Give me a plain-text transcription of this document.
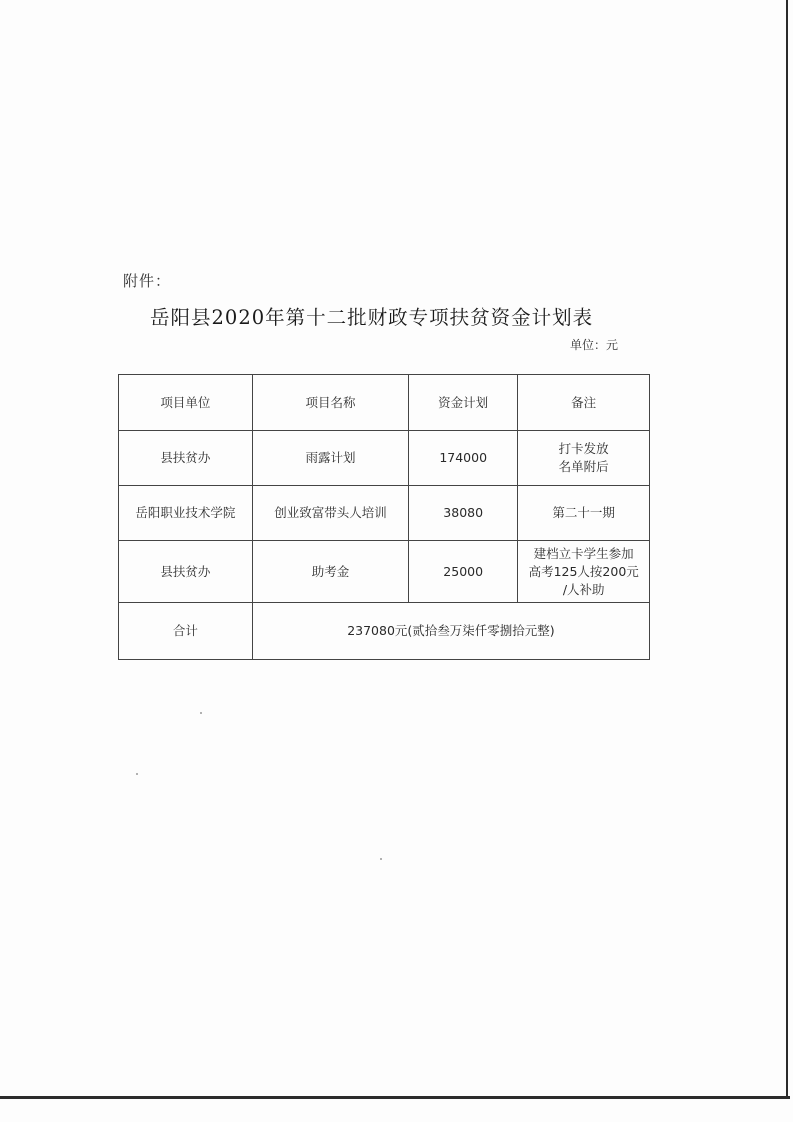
附件：
岳阳县2020年第十二批财政专项扶贫资金计划表
单位：元
项目单位	项目名称	资金计划	备注
县扶贫办	雨露计划	174000	打卡发放
名单附后
岳阳职业技术学院	创业致富带头人培训	38080	第二十一期
县扶贫办	助考金	25000	建档立卡学生参加
高考125人按200元
/人补助
合计	237080元(贰拾叁万柒仟零捌拾元整)		
